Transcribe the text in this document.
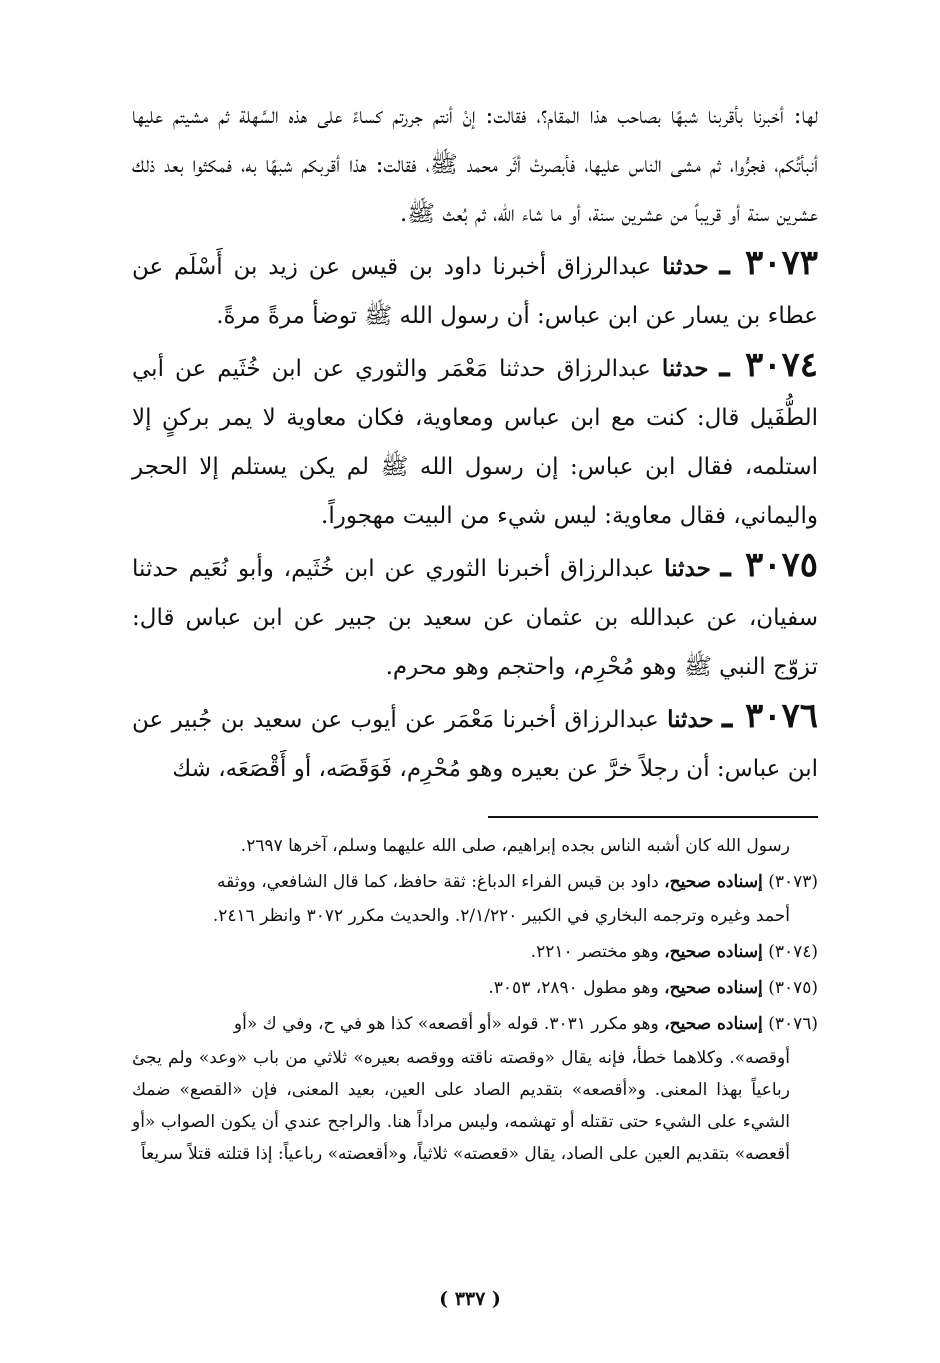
لها: أخبرنا بأقربنا شبهًا بصاحب هذا المقام؟، فقالت: إنْ أنتم جررتم كساءً على هذه السَّهلة ثم مشيتم عليها أنبأتُكم، فجرُّوا، ثم مشى الناس عليها، فأبصرتْ أثَر محمد ﷺ، فقالت: هذا أقربكم شبهًا به، فمكثوا بعد ذلك عشرين سنة أو قريباً من عشرين سنة، أو ما شاء الله، ثم بُعث ﷺ.

٣٠٧٣ ـ حدثنا عبدالرزاق أخبرنا داود بن قيس عن زيد بن أَسْلَم عن عطاء بن يسار عن ابن عباس: أن رسول الله ﷺ توضأ مرةً مرةً.

٣٠٧٤ ـ حدثنا عبدالرزاق حدثنا مَعْمَر والثوري عن ابن خُثَيم عن أبي الطُّفَيل قال: كنت مع ابن عباس ومعاوية، فكان معاوية لا يمر بركنٍ إلا استلمه، فقال ابن عباس: إن رسول الله ﷺ لم يكن يستلم إلا الحجر واليماني، فقال معاوية: ليس شيء من البيت مهجوراً.

٣٠٧٥ ـ حدثنا عبدالرزاق أخبرنا الثوري عن ابن خُثَيم، وأبو نُعَيم حدثنا سفيان، عن عبدالله بن عثمان عن سعيد بن جبير عن ابن عباس قال: تزوّج النبي ﷺ وهو مُحْرِم، واحتجم وهو محرم.

٣٠٧٦ ـ حدثنا عبدالرزاق أخبرنا مَعْمَر عن أيوب عن سعيد بن جُبير عن ابن عباس: أن رجلاً خرَّ عن بعيره وهو مُحْرِم، فَوَقَصَه، أو أَقْصَعَه، شك

رسول الله كان أشبه الناس بجده إبراهيم، صلى الله عليهما وسلم، آخرها ٢٦٩٧.

(٣٠٧٣) إسناده صحيح، داود بن قيس الفراء الدباغ: ثقة حافظ، كما قال الشافعي، ووثقه

أحمد وغيره وترجمه البخاري في الكبير ٢/١/٢٢٠. والحديث مكرر ٣٠٧٢ وانظر ٢٤١٦.

(٣٠٧٤) إسناده صحيح، وهو مختصر ٢٢١٠.

(٣٠٧٥) إسناده صحيح، وهو مطول ٢٨٩٠، ٣٠٥٣.

(٣٠٧٦) إسناده صحيح، وهو مكرر ٣٠٣١. قوله «أو أقصعه» كذا هو في ح، وفي ك «أو

أوقصه». وكلاهما خطأ، فإنه يقال «وقصته ناقته ووقصه بعيره» ثلاثي من باب «وعد» ولم يجئ رباعياً بهذا المعنى. و«أقصعه» بتقديم الصاد على العين، بعيد المعنى، فإن «القصع» ضمك الشيء على الشيء حتى تقتله أو تهشمه، وليس مراداً هنا. والراجح عندي أن يكون الصواب «أو أقعصه» بتقديم العين على الصاد، يقال «قعصته» ثلاثياً، و«أقعصته» رباعياً: إذا قتلته قتلاً سريعاً

( ٣٣٧ )
